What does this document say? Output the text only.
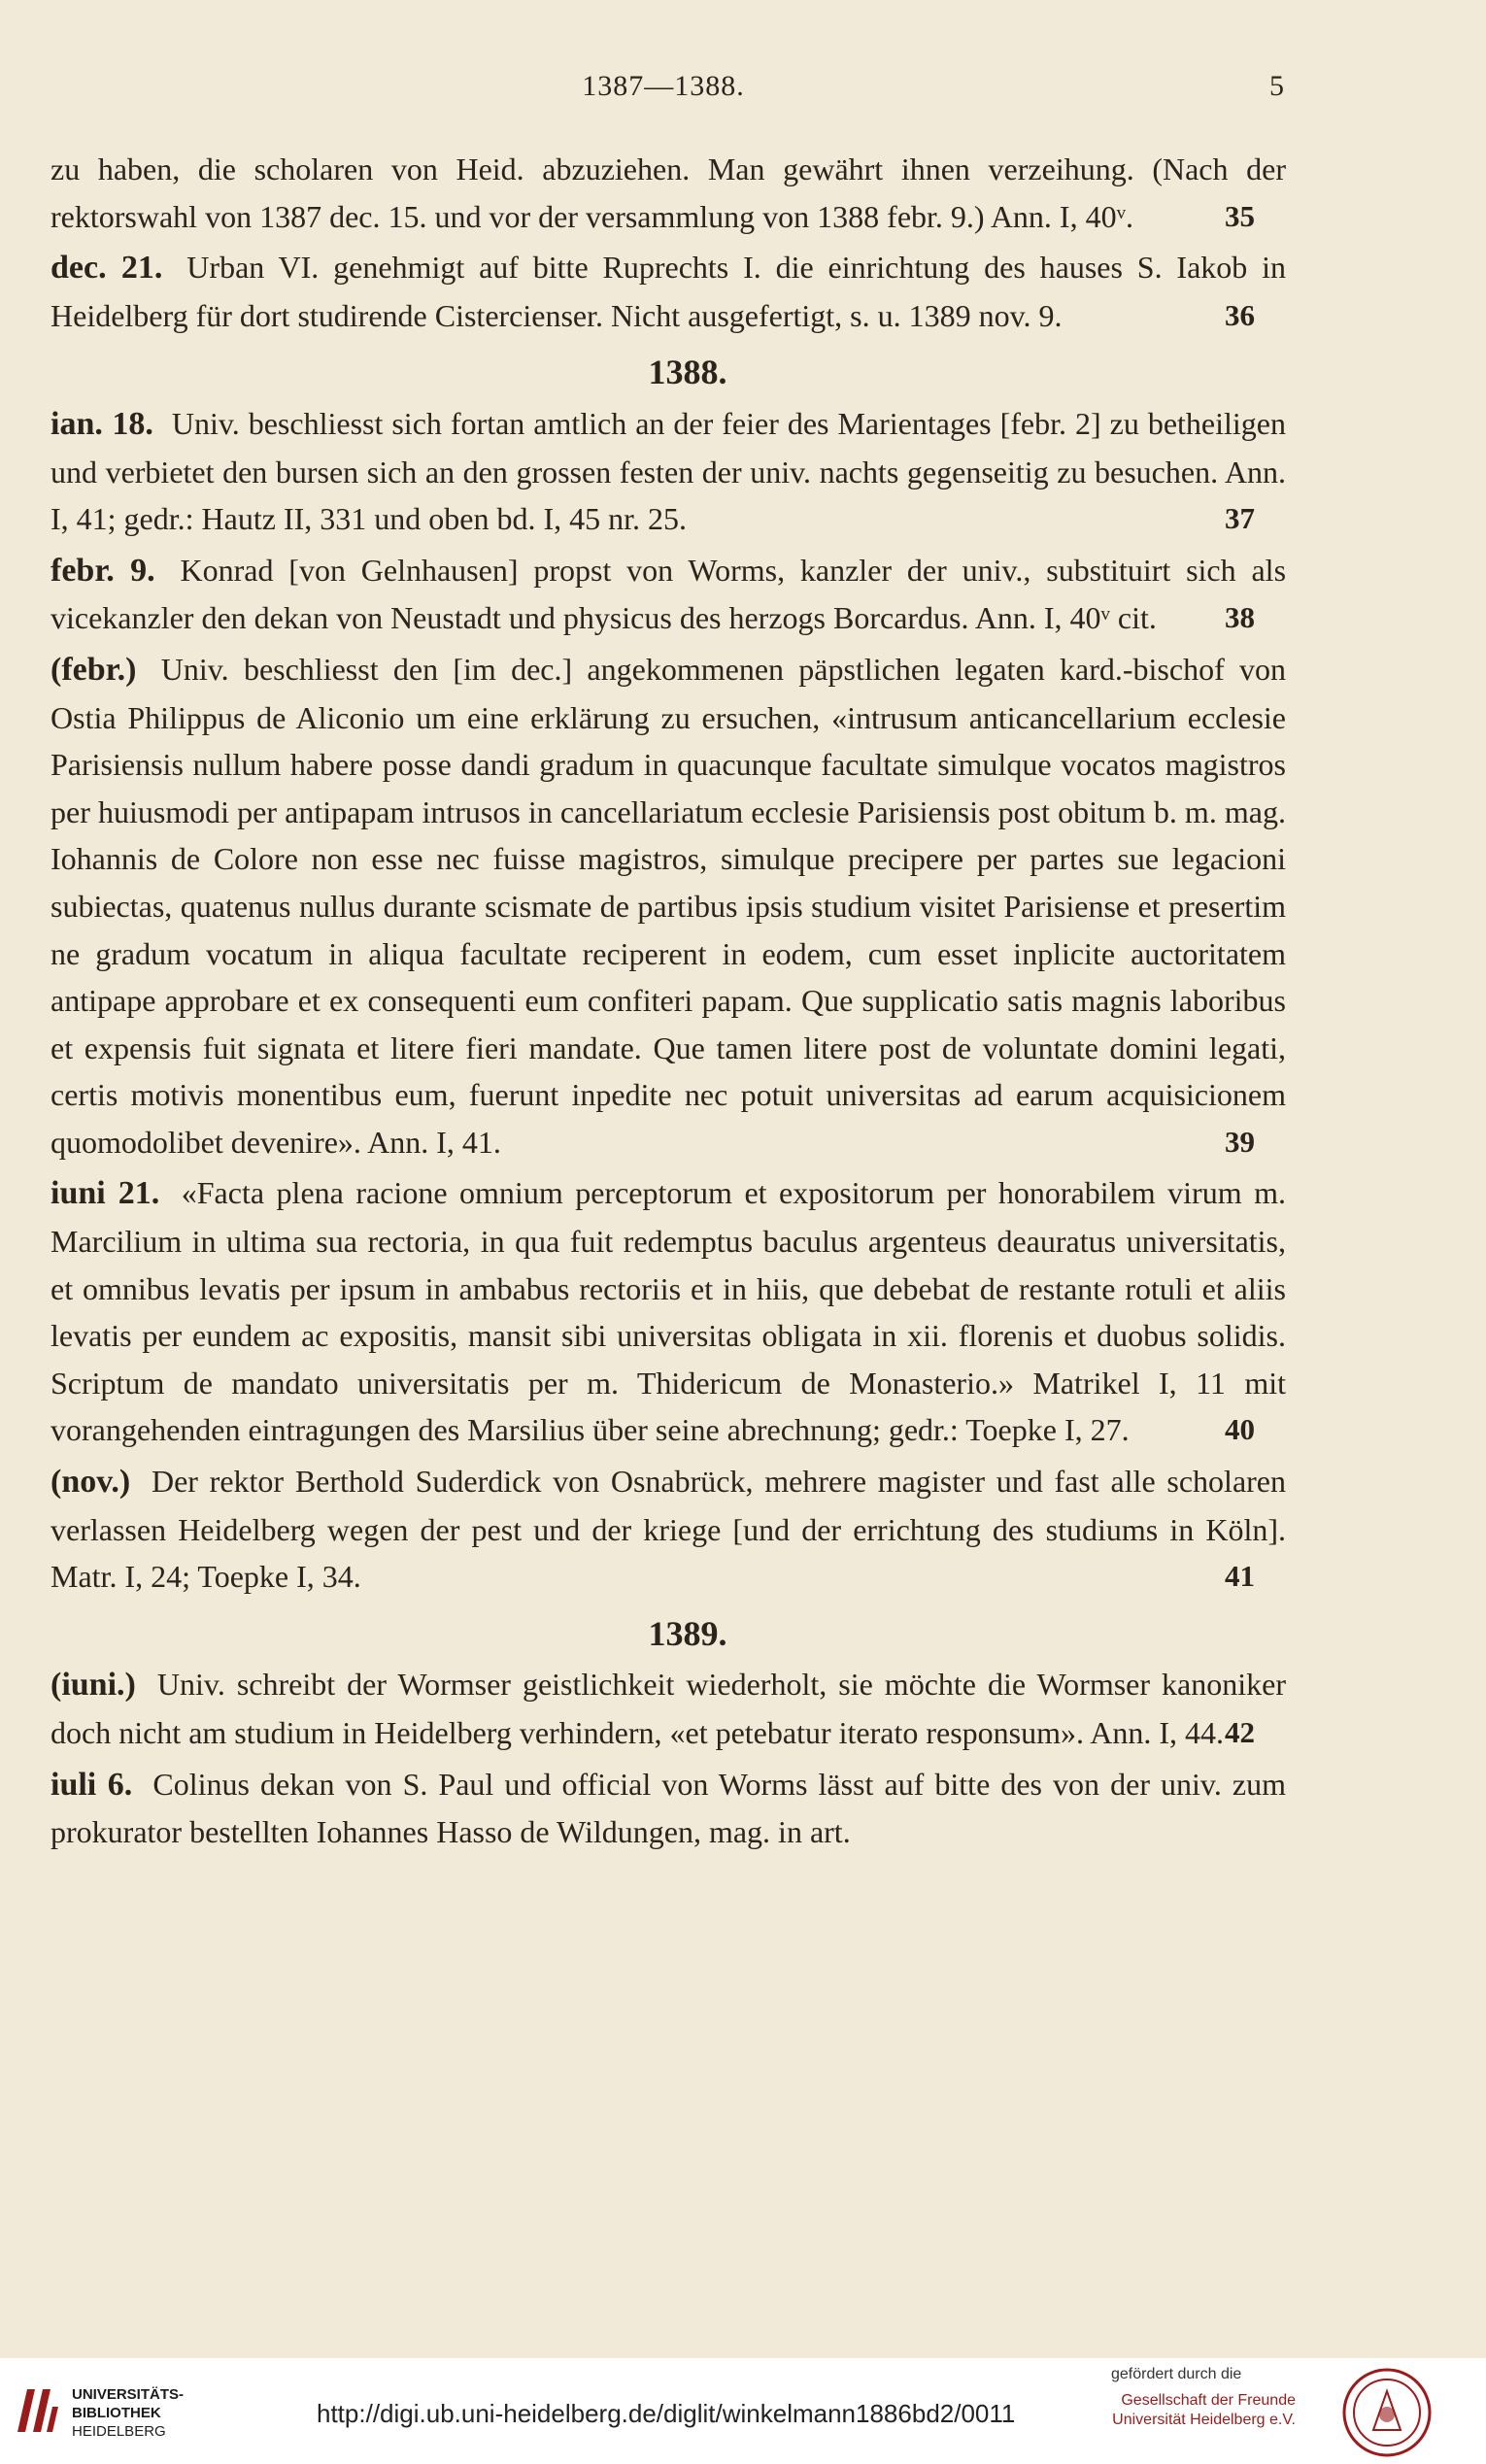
1387—1388.	5
zu haben, die scholaren von Heid. abzuziehen. Man gewährt ihnen verzeihung. (Nach der rektorswahl von 1387 dec. 15. und vor der versammlung von 1388 febr. 9.) Ann. I, 40ᵛ.	35
dec. 21. Urban VI. genehmigt auf bitte Ruprechts I. die einrichtung des hauses S. Iakob in Heidelberg für dort studirende Cistercienser. Nicht ausgefertigt, s. u. 1389 nov. 9.	36
1388.
ian. 18. Univ. beschliesst sich fortan amtlich an der feier des Marientages [febr. 2] zu betheiligen und verbietet den bursen sich an den grossen festen der univ. nachts gegenseitig zu besuchen. Ann. I, 41; gedr.: Hautz II, 331 und oben bd. I, 45 nr. 25.	37
febr. 9. Konrad [von Gelnhausen] propst von Worms, kanzler der univ., substituirt sich als vicekanzler den dekan von Neustadt und physicus des herzogs Borcardus. Ann. I, 40ᵛ cit. 38
(febr.) Univ. beschliesst den [im dec.] angekommenen päpstlichen legaten kard.-bischof von Ostia Philippus de Aliconio um eine erklärung zu ersuchen, «intrusum anticancellarium ecclesie Parisiensis nullum habere posse dandi gradum in quacunque facultate simulque vocatos magistros per huiusmodi per antipapam intrusos in cancellariatum ecclesie Parisiensis post obitum b. m. mag. Iohannis de Colore non esse nec fuisse magistros, simulque precipere per partes sue legacioni subiectas, quatenus nullus durante scismate de partibus ipsis studium visitet Parisiense et presertim ne gradum vocatum in aliqua facultate reciperent in eodem, cum esset inplicite auctoritatem antipape approbare et ex consequenti eum confiteri papam. Que supplicatio satis magnis laboribus et expensis fuit signata et litere fieri mandate. Que tamen litere post de voluntate domini legati, certis motivis monentibus eum, fuerunt inpedite nec potuit universitas ad earum acquisicionem quomodolibet devenire». Ann. I, 41.	39
iuni 21. «Facta plena racione omnium perceptorum et expositorum per honorabilem virum m. Marcilium in ultima sua rectoria, in qua fuit redemptus baculus argenteus deauratus universitatis, et omnibus levatis per ipsum in ambabus rectoriis et in hiis, que debebat de restante rotuli et aliis levatis per eundem ac expositis, mansit sibi universitas obligata in xii. florenis et duobus solidis. Scriptum de mandato universitatis per m. Thidericum de Monasterio.» Matrikel I, 11 mit vorangehenden eintragungen des Marsilius über seine abrechnung; gedr.: Toepke I, 27.	40
(nov.) Der rektor Berthold Suderdick von Osnabrück, mehrere magister und fast alle scholaren verlassen Heidelberg wegen der pest und der kriege [und der errichtung des studiums in Köln]. Matr. I, 24; Toepke I, 34.	41
1389.
(iuni.) Univ. schreibt der Wormser geistlichkeit wiederholt, sie möchte die Wormser kanoniker doch nicht am studium in Heidelberg verhindern, «et petebatur iterato responsum». Ann. I, 44. 42
iuli 6. Colinus dekan von S. Paul und official von Worms lässt auf bitte des von der univ. zum prokurator bestellten Iohannes Hasso de Wildungen, mag. in art.
UNIVERSITÄTS-
BIBLIOTHEK
HEIDELBERG
http://digi.ub.uni-heidelberg.de/diglit/winkelmann1886bd2/0011
gefördert durch die
Gesellschaft der Freunde
Universität Heidelberg e.V.
